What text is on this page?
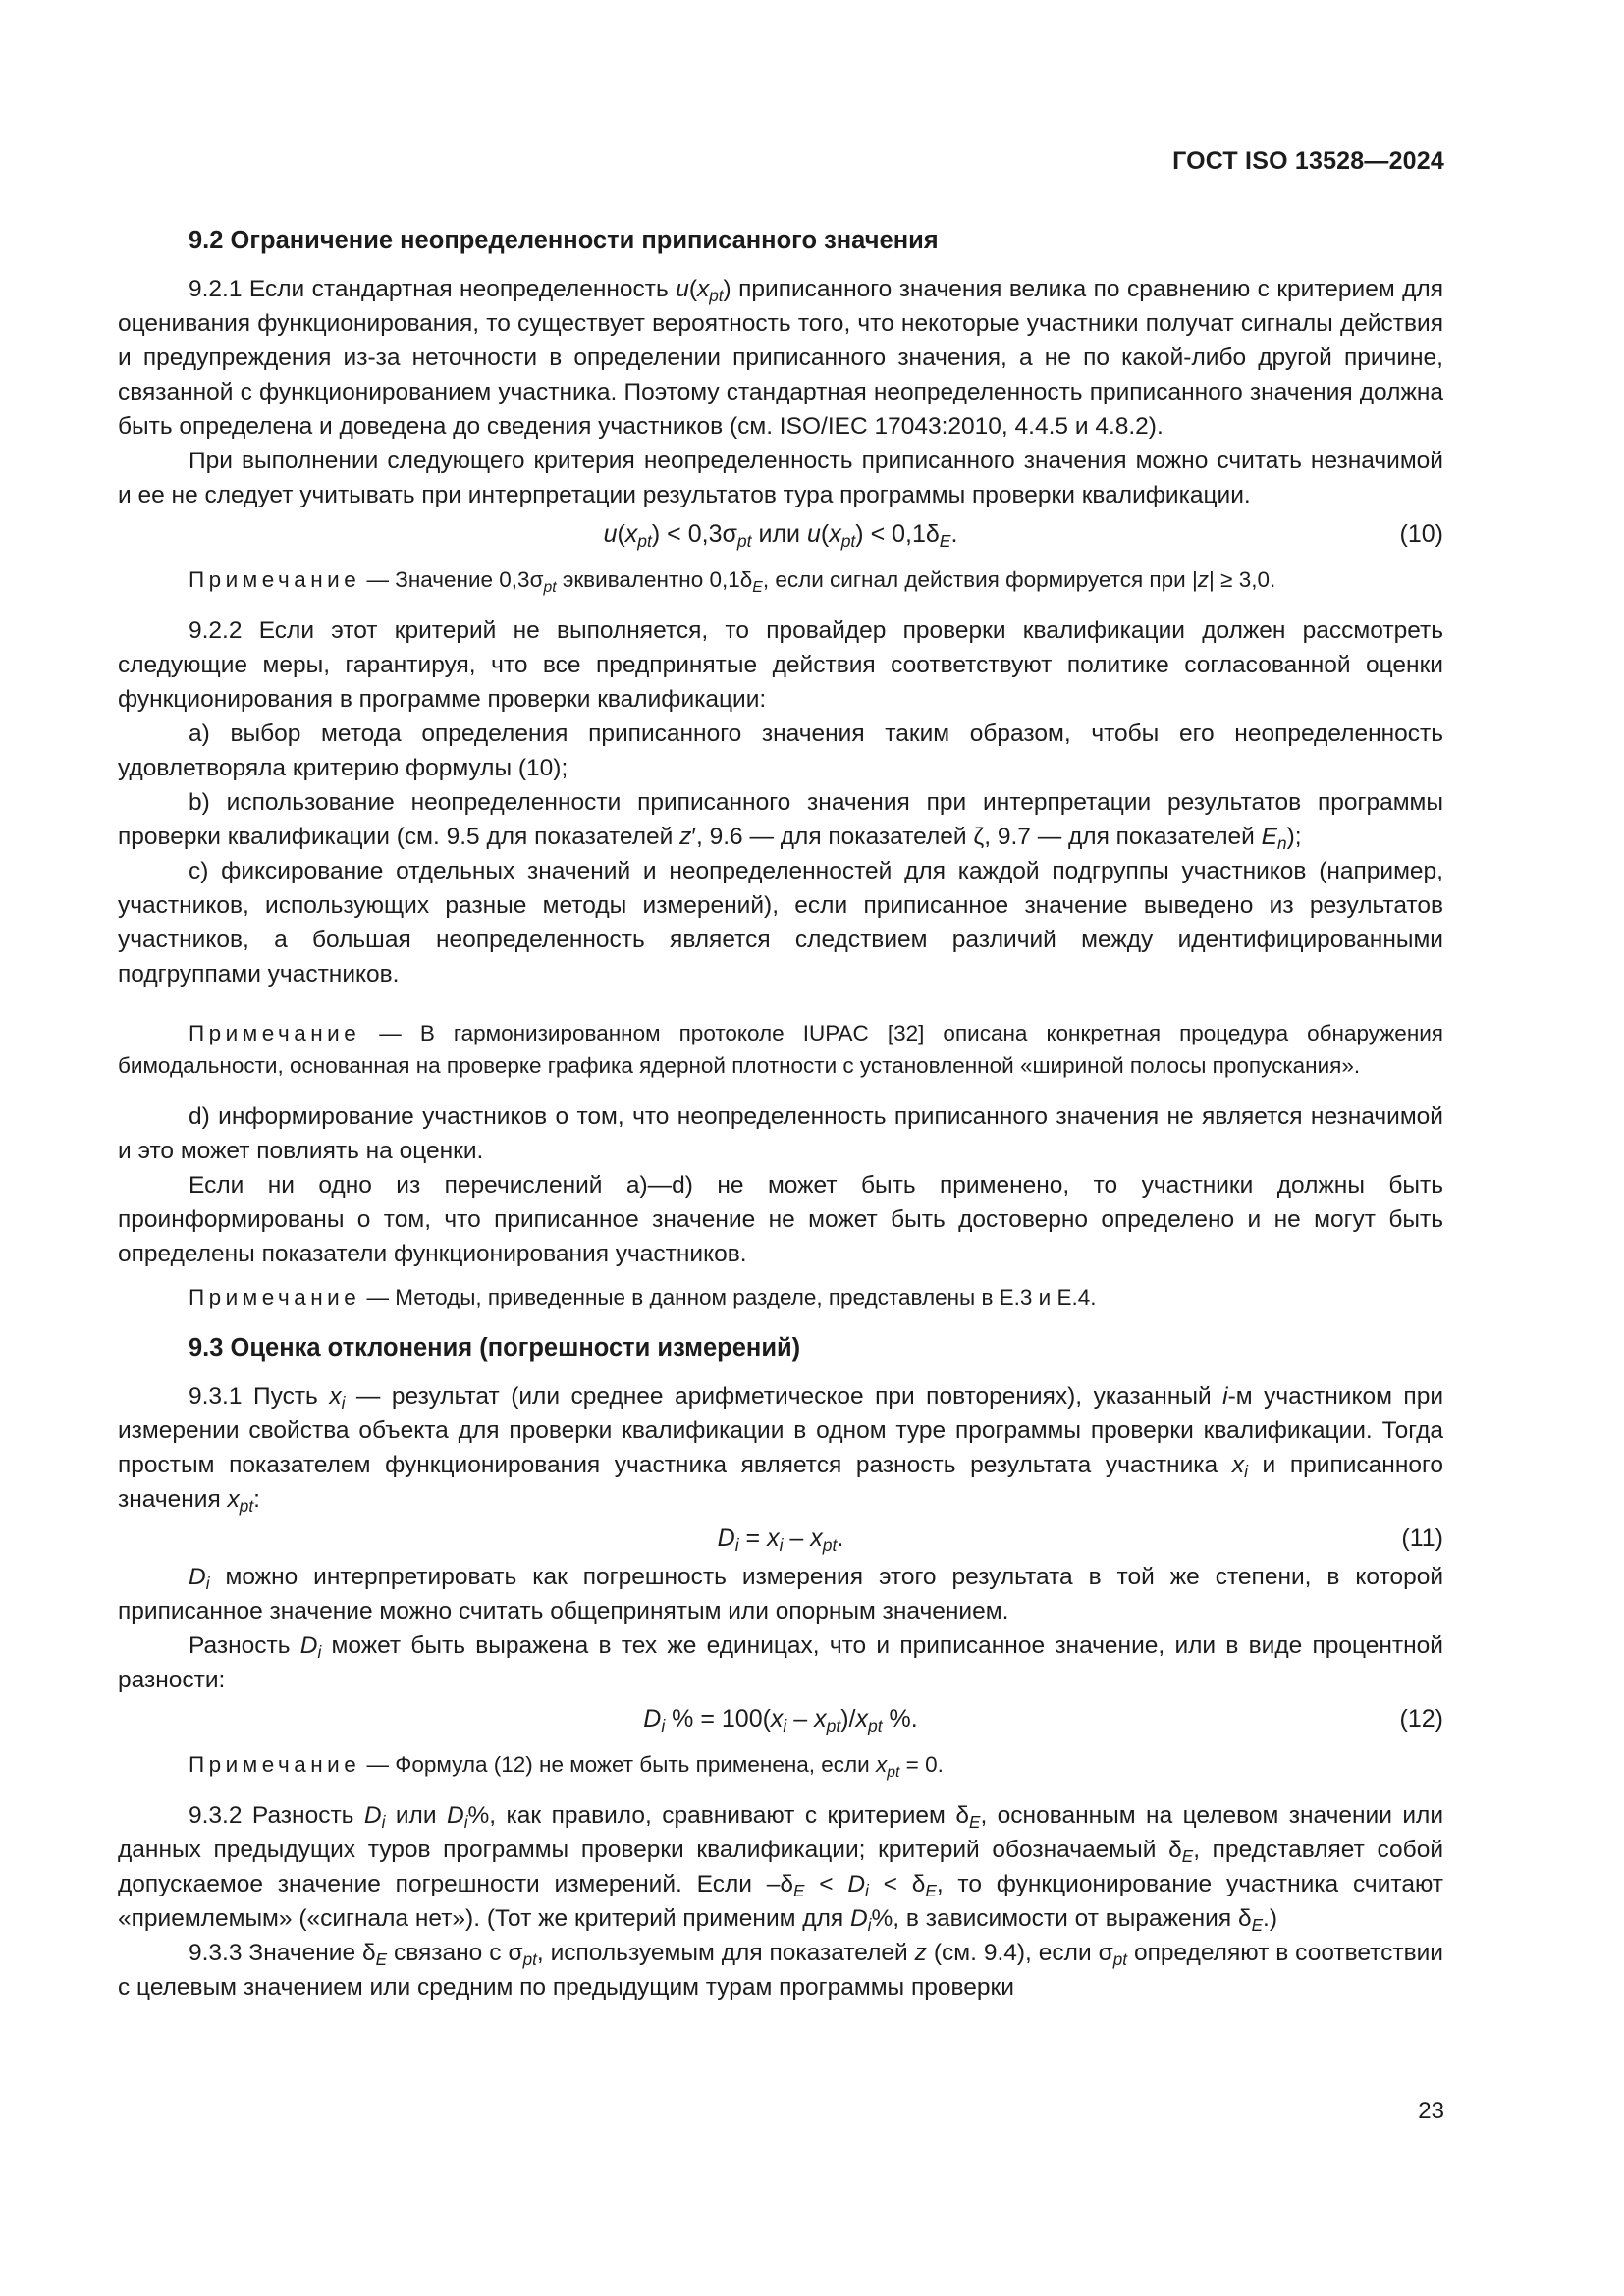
ГОСТ ISO 13528—2024
9.2 Ограничение неопределенности приписанного значения

9.2.1 Если стандартная неопределенность $u(x_{pt})$ приписанного значения велика по сравнению с критерием для оценивания функционирования, то существует вероятность того, что некоторые участники получат сигналы действия и предупреждения из-за неточности в определении приписанного значения, а не по какой-либо другой причине, связанной с функционированием участника. Поэтому стандартная неопределенность приписанного значения должна быть определена и доведена до сведения участников (см. ISO/IEC 17043:2010, 4.4.5 и 4.8.2).

При выполнении следующего критерия неопределенность приписанного значения можно считать незначимой и ее не следует учитывать при интерпретации результатов тура программы проверки квалификации.

$u(x_{pt}) < 0,3\sigma_{pt}$ или $u(x_{pt}) < 0,1\delta_E$.	(10)

Примечание — Значение $0,3\sigma_{pt}$ эквивалентно $0,1\delta_E$, если сигнал действия формируется при |z| ≥ 3,0.

9.2.2 Если этот критерий не выполняется, то провайдер проверки квалификации должен рассмотреть следующие меры, гарантируя, что все предпринятые действия соответствуют политике согласованной оценки функционирования в программе проверки квалификации:

a) выбор метода определения приписанного значения таким образом, чтобы его неопределенность удовлетворяла критерию формулы (10);

b) использование неопределенности приписанного значения при интерпретации результатов программы проверки квалификации (см. 9.5 для показателей z′, 9.6 — для показателей ζ, 9.7 — для показателей $E_n$);

c) фиксирование отдельных значений и неопределенностей для каждой подгруппы участников (например, участников, использующих разные методы измерений), если приписанное значение выведено из результатов участников, а большая неопределенность является следствием различий между идентифицированными подгруппами участников.

Примечание — В гармонизированном протоколе IUPAC [32] описана конкретная процедура обнаружения бимодальности, основанная на проверке графика ядерной плотности с установленной «шириной полосы пропускания».

d) информирование участников о том, что неопределенность приписанного значения не является незначимой и это может повлиять на оценки.

Если ни одно из перечислений a)—d) не может быть применено, то участники должны быть проинформированы о том, что приписанное значение не может быть достоверно определено и не могут быть определены показатели функционирования участников.

Примечание — Методы, приведенные в данном разделе, представлены в Е.3 и Е.4.

9.3 Оценка отклонения (погрешности измерений)

9.3.1 Пусть $x_i$ — результат (или среднее арифметическое при повторениях), указанный i-м участником при измерении свойства объекта для проверки квалификации в одном туре программы проверки квалификации. Тогда простым показателем функционирования участника является разность результата участника $x_i$ и приписанного значения $x_{pt}$:

$D_i = x_i - x_{pt}$.	(11)

$D_i$ можно интерпретировать как погрешность измерения этого результата в той же степени, в которой приписанное значение можно считать общепринятым или опорным значением.

Разность $D_i$ может быть выражена в тех же единицах, что и приписанное значение, или в виде процентной разности:

$D_i$ % = $100(x_i - x_{pt})/x_{pt}$ %.	(12)

Примечание — Формула (12) не может быть применена, если $x_{pt} = 0$.

9.3.2 Разность $D_i$ или $D_i\%$, как правило, сравнивают с критерием $\delta_E$, основанным на целевом значении или данных предыдущих туров программы проверки квалификации; критерий обозначаемый $\delta_E$, представляет собой допускаемое значение погрешности измерений. Если $-\delta_E < D_i < \delta_E$, то функционирование участника считают «приемлемым» («сигнала нет»). (Тот же критерий применим для $D_i\%$, в зависимости от выражения $\delta_E$.)

9.3.3 Значение $\delta_E$ связано с $\sigma_{pt}$, используемым для показателей z (см. 9.4), если $\sigma_{pt}$ определяют в соответствии с целевым значением или средним по предыдущим турам программы проверки

23
